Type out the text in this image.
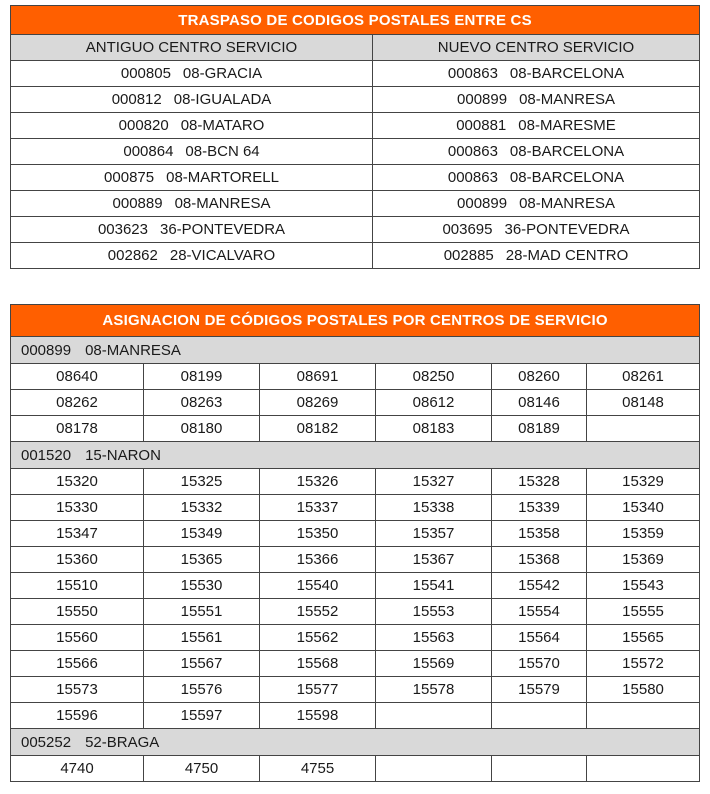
TRASPASO DE CODIGOS POSTALES ENTRE CS	
ANTIGUO CENTRO SERVICIO	NUEVO CENTRO SERVICIO
000805 08-GRACIA	000863 08-BARCELONA
000812 08-IGUALADA	000899 08-MANRESA
000820 08-MATARO	000881 08-MARESME
000864 08-BCN 64	000863 08-BARCELONA
000875 08-MARTORELL	000863 08-BARCELONA
000889 08-MANRESA	000899 08-MANRESA
003623 36-PONTEVEDRA	003695 36-PONTEVEDRA
002862 28-VICALVARO	002885 28-MAD CENTRO
ASIGNACION DE CÓDIGOS POSTALES POR CENTROS DE SERVICIO					
000899 08-MANRESA					
08640	08199	08691	08250	08260	08261
08262	08263	08269	08612	08146	08148
08178	08180	08182	08183	08189	
001520 15-NARON					
15320	15325	15326	15327	15328	15329
15330	15332	15337	15338	15339	15340
15347	15349	15350	15357	15358	15359
15360	15365	15366	15367	15368	15369
15510	15530	15540	15541	15542	15543
15550	15551	15552	15553	15554	15555
15560	15561	15562	15563	15564	15565
15566	15567	15568	15569	15570	15572
15573	15576	15577	15578	15579	15580
15596	15597	15598			
005252 52-BRAGA					
4740	4750	4755			
